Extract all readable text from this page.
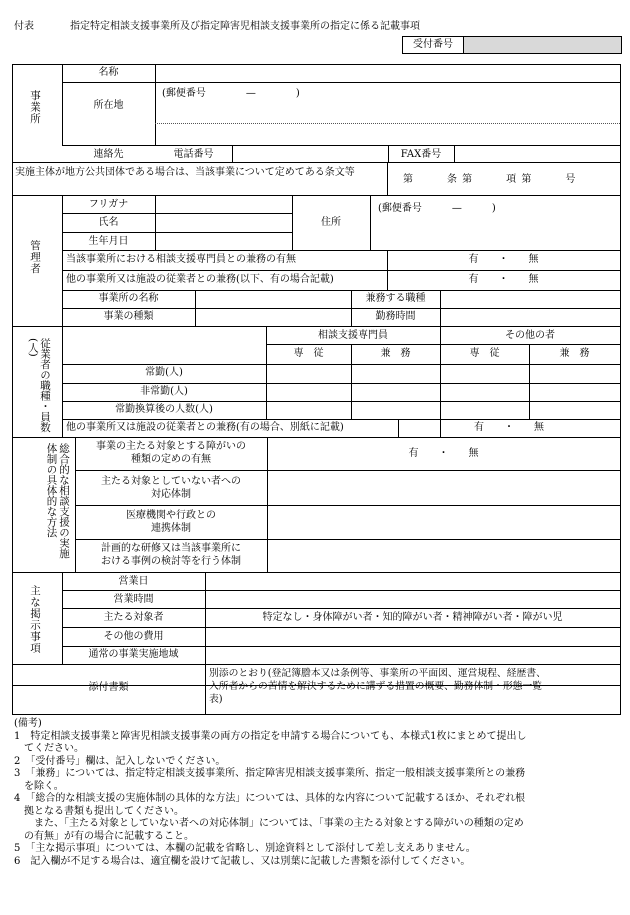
付表	指定特定相談支援事業所及び指定障害児相談支援事業所の指定に係る記載事項
受付番号
事業所
名称
所在地
(郵便番号　　　　—　　　　)
連絡先	電話番号	FAX番号
実施主体が地方公共団体である場合は、当該事業について定めてある条文等
第　　　条 第　　　項 第　　　号
管理者
フリガナ
氏名
生年月日
住所
(郵便番号　　　—　　　)
当該事業所における相談支援専門員との兼務の有無	有　　・　　無
他の事業所又は施設の従業者との兼務(以下、有の場合記載)	有　　・　　無
事業所の名称	兼務する職種
事業の種類	勤務時間
従業者の職種・員数(人)
相談支援専門員	その他の者
専　従	兼　務	専　従	兼　務
常勤(人)
非常勤(人)
常勤換算後の人数(人)
他の事業所又は施設の従業者との兼務(有の場合、別紙に記載)	有　　・　　無
総合的な相談支援の実施体制の具体的な方法	事業の主たる対象とする障がいの
種類の定めの有無
有　　・　　無
主たる対象としていない者への
対応体制
医療機関や行政との
連携体制
計画的な研修又は当該事業所に
おける事例の検討等を行う体制
主な掲示事項
営業日
営業時間
主たる対象者	特定なし・身体障がい者・知的障がい者・精神障がい者・障がい児
その他の費用
通常の事業実施地域
添付書類
別添のとおり(登記簿謄本又は条例等、事業所の平面図、運営規程、経歴書、
入所者からの苦情を解決するために講ずる措置の概要、勤務体制・形態一覧
表)

(備考)

1　特定相談支援事業と障害児相談支援事業の両方の指定を申請する場合についても、本様式1枚にまとめて提出し

　てください。

2　「受付番号」欄は、記入しないでください。

3　「兼務」については、指定特定相談支援事業所、指定障害児相談支援事業所、指定一般相談支援事業所との兼務

　を除く。

4　「総合的な相談支援の実施体制の具体的な方法」については、具体的な内容について記載するほか、それぞれ根

　拠となる書類も提出してください。

　　また、「主たる対象としていない者への対応体制」については、「事業の主たる対象とする障がいの種類の定め

　の有無」が有の場合に記載すること。

5　「主な掲示事項」については、本欄の記載を省略し、別途資料として添付して差し支えありません。

6　記入欄が不足する場合は、適宜欄を設けて記載し、又は別葉に記載した書類を添付してください。
